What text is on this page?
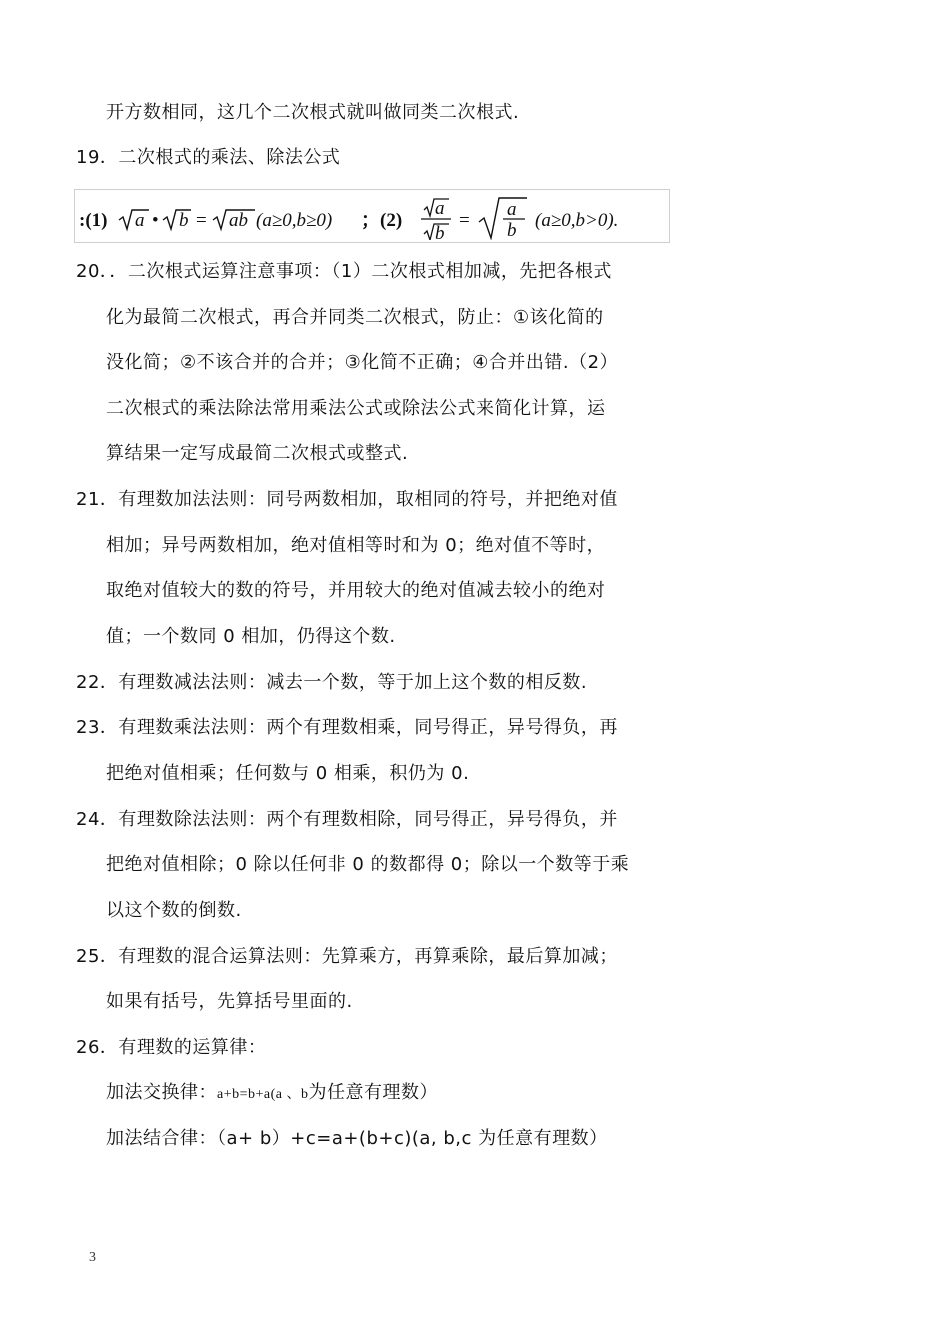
开方数相同，这几个二次根式就叫做同类二次根式.
19．二次根式的乘法、除法公式
:(1) a • b = ab (a≥0,b≥0) ；(2)
a
b
=
a
b (a≥0,b>0).
20．．二次根式运算注意事项：（1）二次根式相加减，先把各根式
化为最简二次根式，再合并同类二次根式，防止：①该化简的
没化简；②不该合并的合并；③化简不正确；④合并出错.（2）
二次根式的乘法除法常用乘法公式或除法公式来简化计算，运
算结果一定写成最简二次根式或整式.
21．有理数加法法则：同号两数相加，取相同的符号，并把绝对值
相加；异号两数相加，绝对值相等时和为 0；绝对值不等时，
取绝对值较大的数的符号，并用较大的绝对值减去较小的绝对
值；一个数同 0 相加，仍得这个数.
22．有理数减法法则：减去一个数，等于加上这个数的相反数.
23．有理数乘法法则：两个有理数相乘，同号得正，异号得负，再
把绝对值相乘；任何数与 0 相乘，积仍为 0.
24．有理数除法法则：两个有理数相除，同号得正，异号得负，并
把绝对值相除；0 除以任何非 0 的数都得 0；除以一个数等于乘
以这个数的倒数.
25．有理数的混合运算法则：先算乘方，再算乘除，最后算加减；
如果有括号，先算括号里面的.
26．有理数的运算律：
加法交换律：a+b=b+a(a 、b为任意有理数）
加法结合律：（a+ b）+c=a+(b+c)(a, b,c 为任意有理数）
3
